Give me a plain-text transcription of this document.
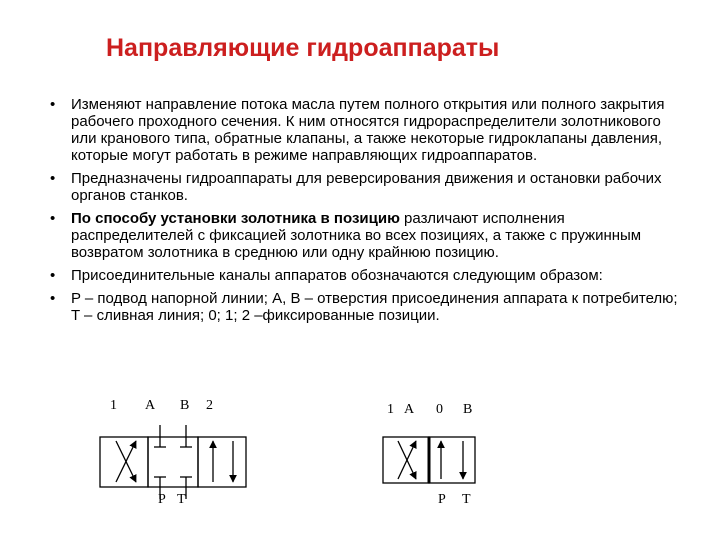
Направляющие гидроаппараты
• Изменяют направление потока масла путем полного открытия или полного закрытия рабочего проходного сечения. К ним относятся гидрораспределители золотникового или кранового типа, обратные клапаны, а также некоторые гидроклапаны давления, которые могут работать в режиме направляющих гидроаппаратов.
• Предназначены гидроаппараты для реверсирования движения и остановки рабочих органов станков.
• По способу установки золотника в позицию различают исполнения распределителей с фиксацией золотника во всех позициях, а также с пружинным возвратом золотника в среднюю или одну крайнюю позицию.
• Присоединительные каналы аппаратов обозначаются следующим образом:
• P – подвод напорной линии; A, B – отверстия присоединения аппарата к потребителю; T – сливная линия; 0; 1; 2 –фиксированные позиции.
1 A B 2
P T
1 A 0 B
P T
